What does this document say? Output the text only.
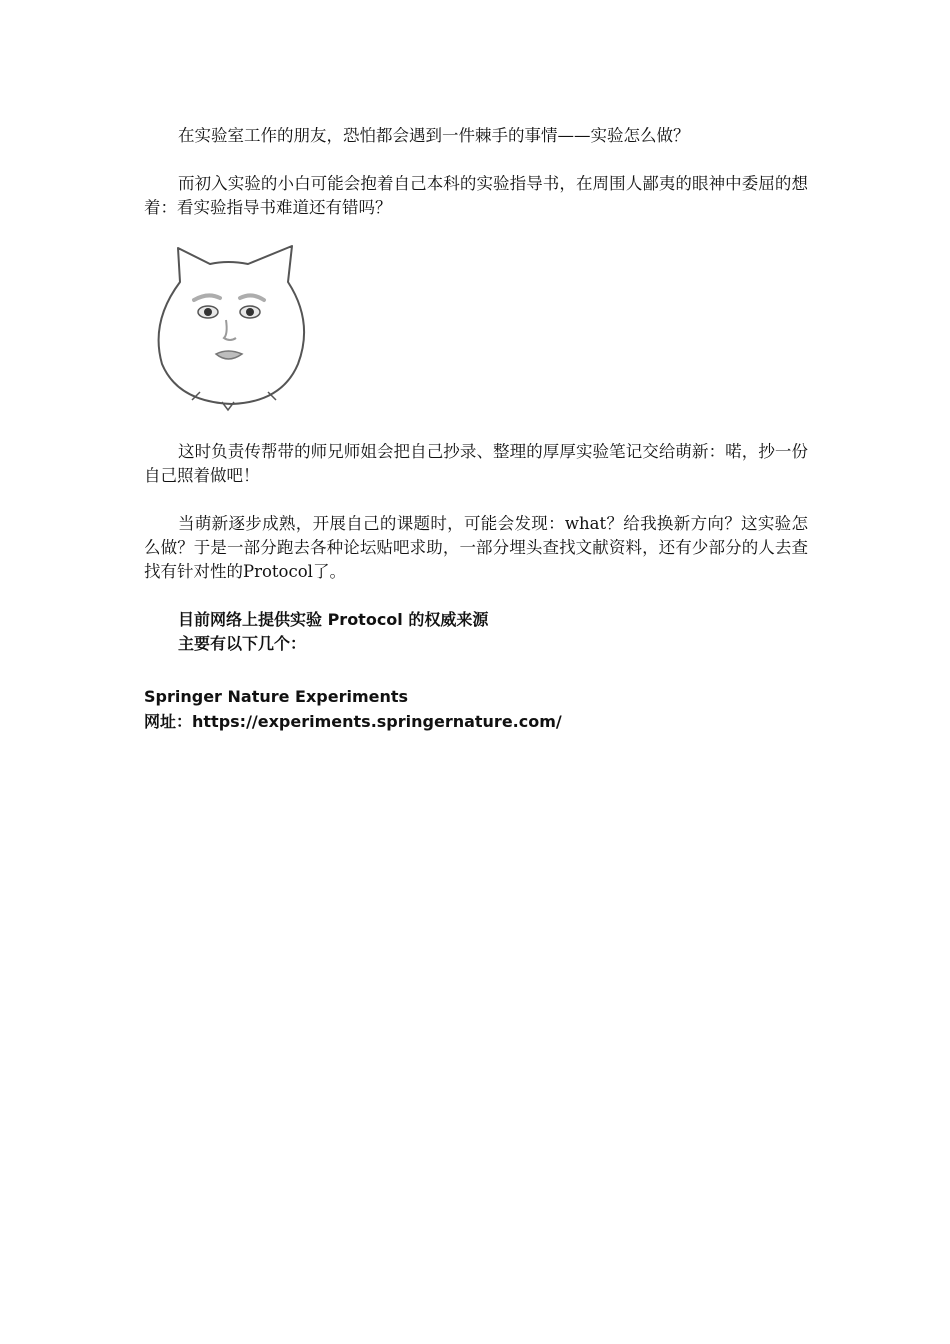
在实验室工作的朋友，恐怕都会遇到一件棘手的事情——实验怎么做？

而初入实验的小白可能会抱着自己本科的实验指导书，在周围人鄙夷的眼神中委屈的想着：看实验指导书难道还有错吗？

这时负责传帮带的师兄师姐会把自己抄录、整理的厚厚实验笔记交给萌新：喏，抄一份自己照着做吧！

当萌新逐步成熟，开展自己的课题时，可能会发现：what？给我换新方向？这实验怎么做？于是一部分跑去各种论坛贴吧求助，一部分埋头查找文献资料，还有少部分的人去查找有针对性的Protocol了。

目前网络上提供实验 Protocol 的权威来源

主要有以下几个：

Springer Nature Experiments

网址：https://experiments.springernature.com/
